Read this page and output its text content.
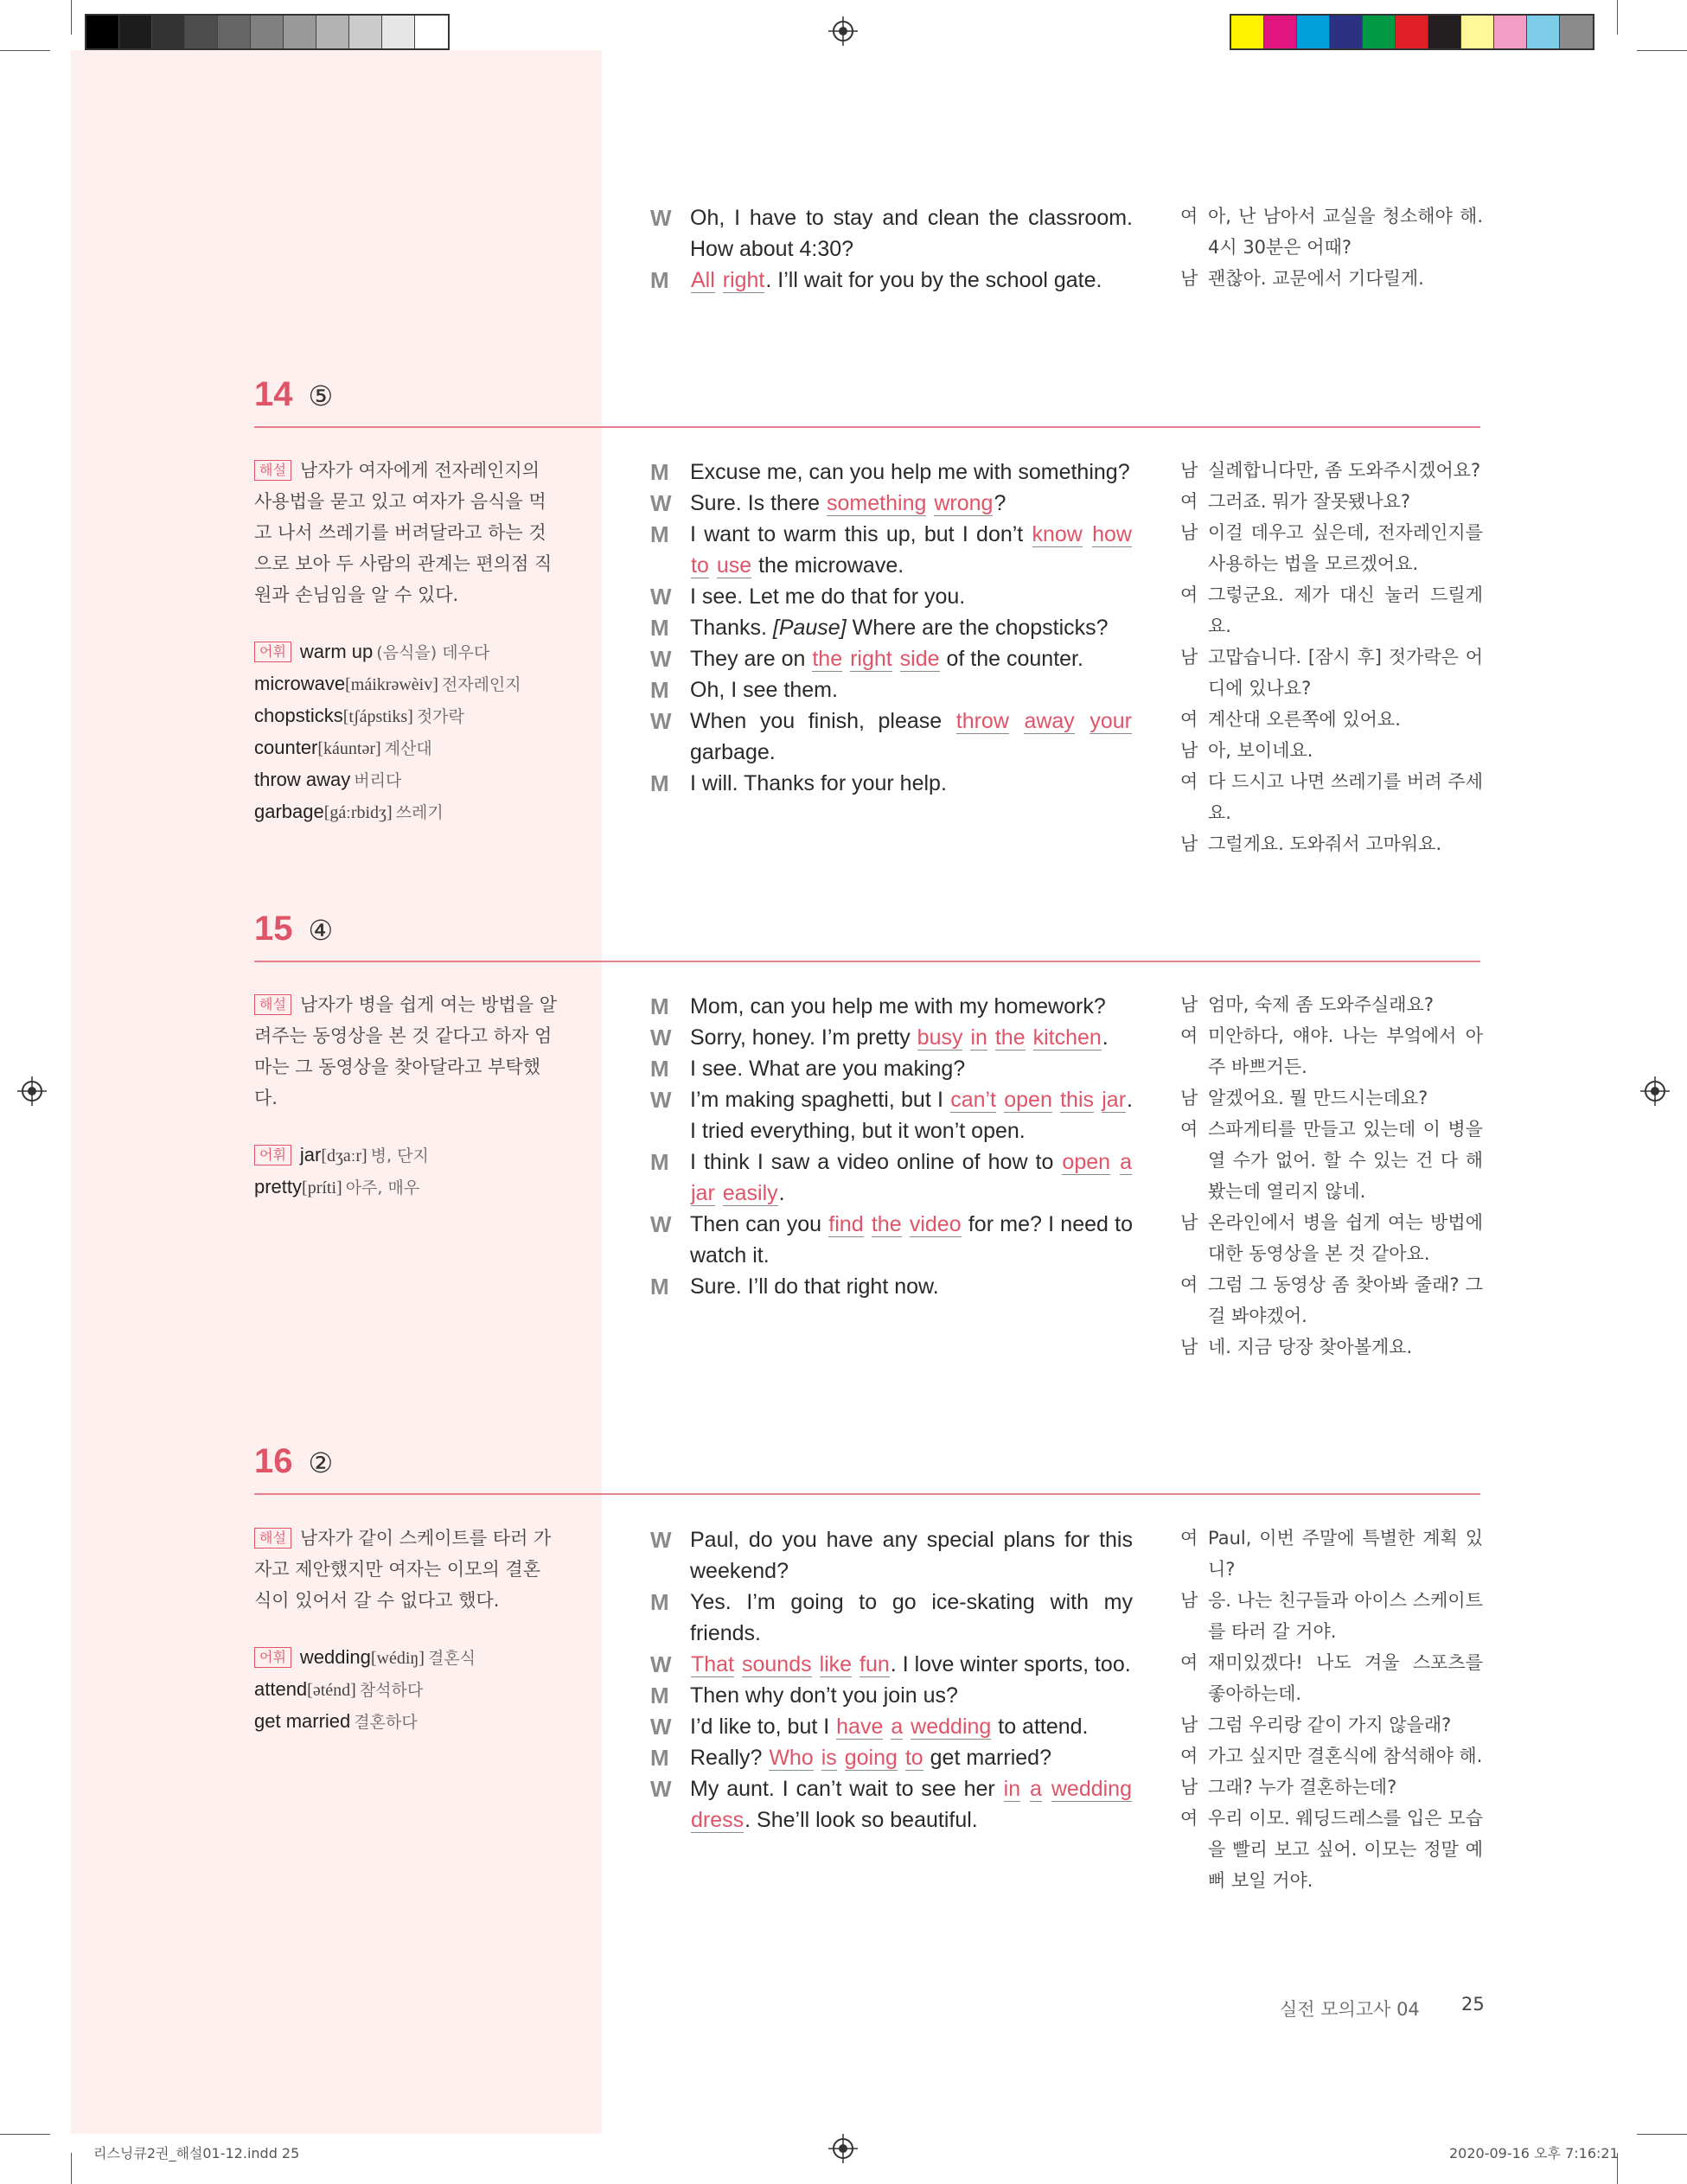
W Oh, I have to stay and clean the classroom. How about 4:30?
M	All right. I’ll wait for you by the school gate.
여 아, 난 남아서 교실을 청소해야 해. 4시 30분은 어때?
남 괜찮아. 교문에서 기다릴게.
14 ⑤
해설 남자가 여자에게 전자레인지의 사용법을 묻고 있고 여자가 음식을 먹고 나서 쓰레기를 버려달라고 하는 것으로 보아 두 사람의 관계는 편의점 직원과 손님임을 알 수 있다.
어휘 warm up (음식을) 데우다
microwave[máikrəwèiv] 전자레인지
chopsticks[tʃápstiks] 젓가락
counter[káuntər] 계산대
throw away 버리다
garbage[gáːrbidʒ] 쓰레기
M Excuse me, can you help me with something?
W Sure. Is there something wrong?
M I want to warm this up, but I don’t know how to use the microwave.
W I see. Let me do that for you.
M Thanks. [Pause] Where are the chopsticks?
W They are on the right side of the counter.
M Oh, I see them.
W When you finish, please throw away your garbage.
M I will. Thanks for your help.
남 실례합니다만, 좀 도와주시겠어요?
여 그러죠. 뭐가 잘못됐나요?
남 이걸 데우고 싶은데, 전자레인지를 사용하는 법을 모르겠어요.
여 그렇군요. 제가 대신 눌러 드릴게요.
남 고맙습니다. [잠시 후] 젓가락은 어디에 있나요?
여 계산대 오른쪽에 있어요.
남 아, 보이네요.
여 다 드시고 나면 쓰레기를 버려 주세요.
남 그럴게요. 도와줘서 고마워요.
15 ④
해설 남자가 병을 쉽게 여는 방법을 알려주는 동영상을 본 것 같다고 하자 엄마는 그 동영상을 찾아달라고 부탁했다.
어휘 jar[dʒaːr] 병, 단지
pretty[príti] 아주, 매우
M Mom, can you help me with my homework?
W Sorry, honey. I’m pretty busy in the kitchen.
M I see. What are you making?
W I’m making spaghetti, but I can’t open this jar. I tried everything, but it won’t open.
M I think I saw a video online of how to open a jar easily.
W Then can you find the video for me? I need to watch it.
M Sure. I’ll do that right now.
남 엄마, 숙제 좀 도와주실래요?
여 미안하다, 얘야. 나는 부엌에서 아주 바쁘거든.
남 알겠어요. 뭘 만드시는데요?
여 스파게티를 만들고 있는데 이 병을 열 수가 없어. 할 수 있는 건 다 해 봤는데 열리지 않네.
남 온라인에서 병을 쉽게 여는 방법에 대한 동영상을 본 것 같아요.
여 그럼 그 동영상 좀 찾아봐 줄래? 그걸 봐야겠어.
남 네. 지금 당장 찾아볼게요.
16 ②
해설 남자가 같이 스케이트를 타러 가자고 제안했지만 여자는 이모의 결혼식이 있어서 갈 수 없다고 했다.
어휘 wedding[wédiŋ] 결혼식
attend[əténd] 참석하다
get married 결혼하다
W Paul, do you have any special plans for this weekend?
M Yes. I’m going to go ice-skating with my friends.
W That sounds like fun. I love winter sports, too.
M Then why don’t you join us?
W I’d like to, but I have a wedding to attend.
M Really? Who is going to get married?
W My aunt. I can’t wait to see her in a wedding dress. She’ll look so beautiful.
여 Paul, 이번 주말에 특별한 계획 있니?
남 응. 나는 친구들과 아이스 스케이트를 타러 갈 거야.
여 재미있겠다! 나도 겨울 스포츠를 좋아하는데.
남 그럼 우리랑 같이 가지 않을래?
여 가고 싶지만 결혼식에 참석해야 해.
남 그래? 누가 결혼하는데?
여 우리 이모. 웨딩드레스를 입은 모습을 빨리 보고 싶어. 이모는 정말 예뻐 보일 거야.
실전 모의고사 04 25
리스닝큐2권_해설01-12.indd 25	2020-09-16 오후 7:16:21
